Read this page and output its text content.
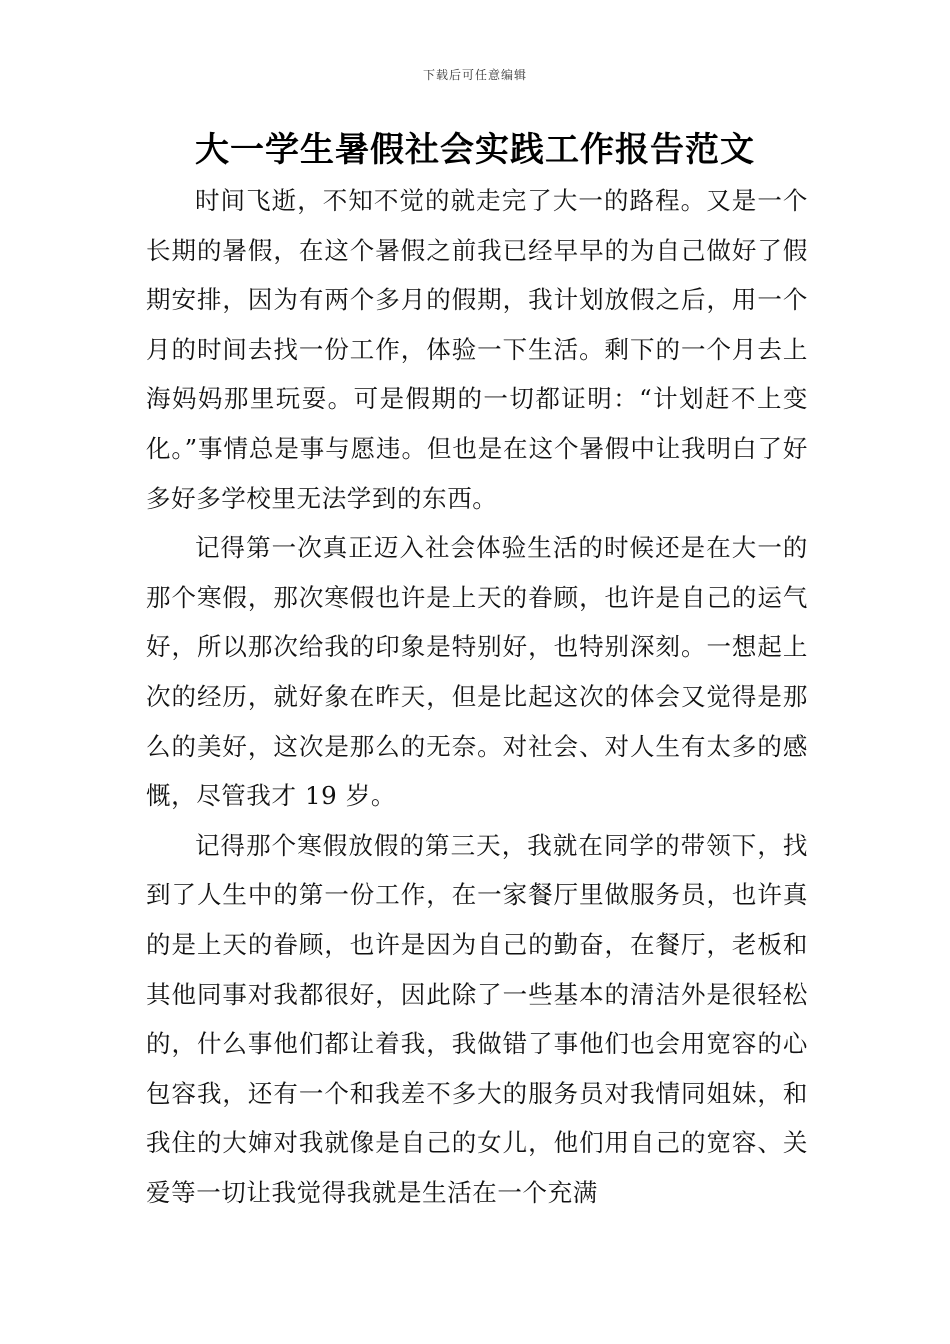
下载后可任意编辑
大一学生暑假社会实践工作报告范文

时间飞逝，不知不觉的就走完了大一的路程。又是一个长期的暑假，在这个暑假之前我已经早早的为自己做好了假期安排，因为有两个多月的假期，我计划放假之后，用一个月的时间去找一份工作，体验一下生活。剩下的一个月去上海妈妈那里玩耍。可是假期的一切都证明：“计划赶不上变化。”事情总是事与愿违。但也是在这个暑假中让我明白了好多好多学校里无法学到的东西。

记得第一次真正迈入社会体验生活的时候还是在大一的那个寒假，那次寒假也许是上天的眷顾，也许是自己的运气好，所以那次给我的印象是特别好，也特别深刻。一想起上次的经历，就好象在昨天，但是比起这次的体会又觉得是那么的美好，这次是那么的无奈。对社会、对人生有太多的感慨，尽管我才 19 岁。

记得那个寒假放假的第三天，我就在同学的带领下，找到了人生中的第一份工作，在一家餐厅里做服务员，也许真的是上天的眷顾，也许是因为自己的勤奋，在餐厅，老板和其他同事对我都很好，因此除了一些基本的清洁外是很轻松的，什么事他们都让着我，我做错了事他们也会用宽容的心包容我，还有一个和我差不多大的服务员对我情同姐妹，和我住的大婶对我就像是自己的女儿，他们用自己的宽容、关爱等一切让我觉得我就是生活在一个充满
